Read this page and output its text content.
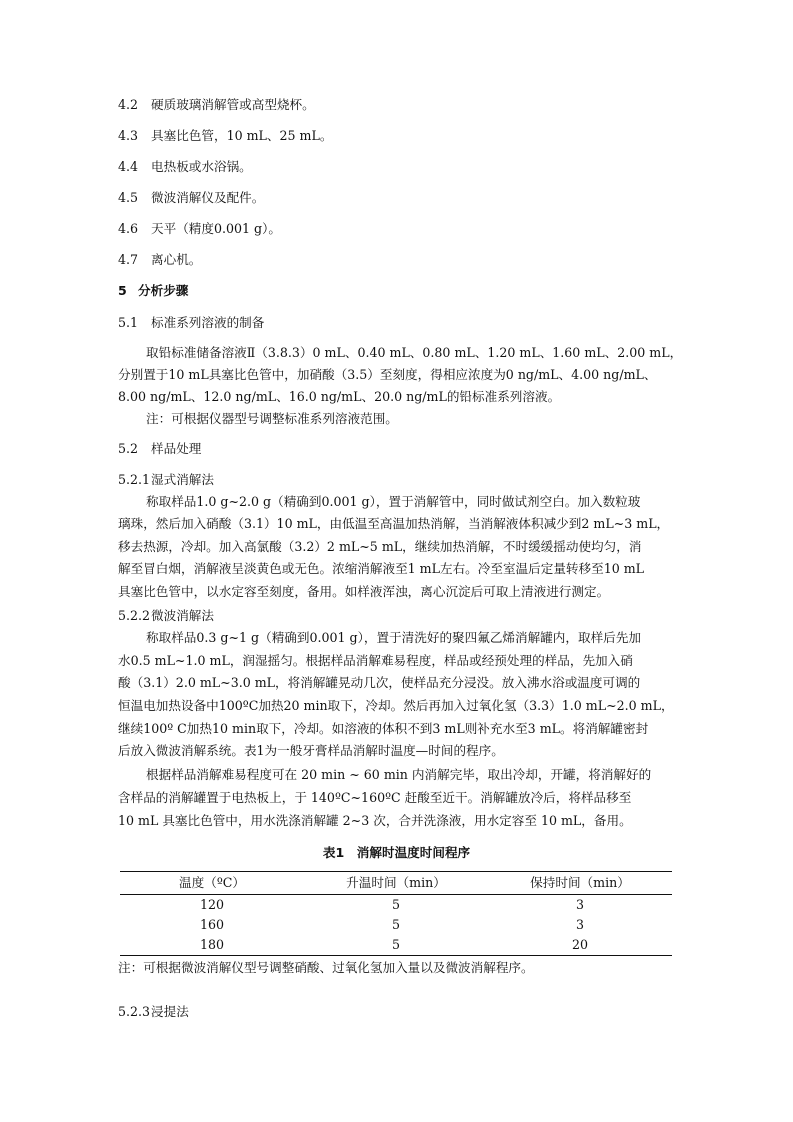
4.2 硬质玻璃消解管或高型烧杯。
4.3 具塞比色管，10 mL、25 mL。
4.4 电热板或水浴锅。
4.5 微波消解仪及配件。
4.6 天平（精度0.001 g）。
4.7 离心机。
5 分析步骤
5.1 标准系列溶液的制备
取铅标准储备溶液Ⅱ（3.8.3）0 mL、0.40 mL、0.80 mL、1.20 mL、1.60 mL、2.00 mL，
分别置于10 mL具塞比色管中，加硝酸（3.5）至刻度，得相应浓度为0 ng/mL、4.00 ng/mL、
8.00 ng/mL、12.0 ng/mL、16.0 ng/mL、20.0 ng/mL的铅标准系列溶液。
注：可根据仪器型号调整标准系列溶液范围。
5.2 样品处理
5.2.1湿式消解法
称取样品1.0 g~2.0 g（精确到0.001 g），置于消解管中，同时做试剂空白。加入数粒玻
璃珠，然后加入硝酸（3.1）10 mL，由低温至高温加热消解，当消解液体积减少到2 mL~3 mL，
移去热源，冷却。加入高氯酸（3.2）2 mL~5 mL，继续加热消解，不时缓缓摇动使均匀，消
解至冒白烟，消解液呈淡黄色或无色。浓缩消解液至1 mL左右。冷至室温后定量转移至10 mL
具塞比色管中，以水定容至刻度，备用。如样液浑浊，离心沉淀后可取上清液进行测定。
5.2.2微波消解法
称取样品0.3 g~1 g（精确到0.001 g），置于清洗好的聚四氟乙烯消解罐内，取样后先加
水0.5 mL~1.0 mL，润湿摇匀。根据样品消解难易程度，样品或经预处理的样品，先加入硝
酸（3.1）2.0 mL~3.0 mL，将消解罐晃动几次，使样品充分浸没。放入沸水浴或温度可调的
恒温电加热设备中100ºC加热20 min取下，冷却。然后再加入过氧化氢（3.3）1.0 mL~2.0 mL，
继续100º C加热10 min取下，冷却。如溶液的体积不到3 mL则补充水至3 mL。将消解罐密封
后放入微波消解系统。表1为一般牙膏样品消解时温度—时间的程序。
根据样品消解难易程度可在 20 min ~ 60 min 内消解完毕，取出冷却，开罐，将消解好的
含样品的消解罐置于电热板上，于 140ºC~160ºC 赶酸至近干。消解罐放冷后，将样品移至
10 mL 具塞比色管中，用水洗涤消解罐 2~3 次，合并洗涤液，用水定容至 10 mL，备用。
表1　消解时温度时间程序
温度（ºC）	升温时间（min）	保持时间（min）
120	5	3
160	5	3
180	5	20
注：可根据微波消解仪型号调整硝酸、过氧化氢加入量以及微波消解程序。
5.2.3浸提法
